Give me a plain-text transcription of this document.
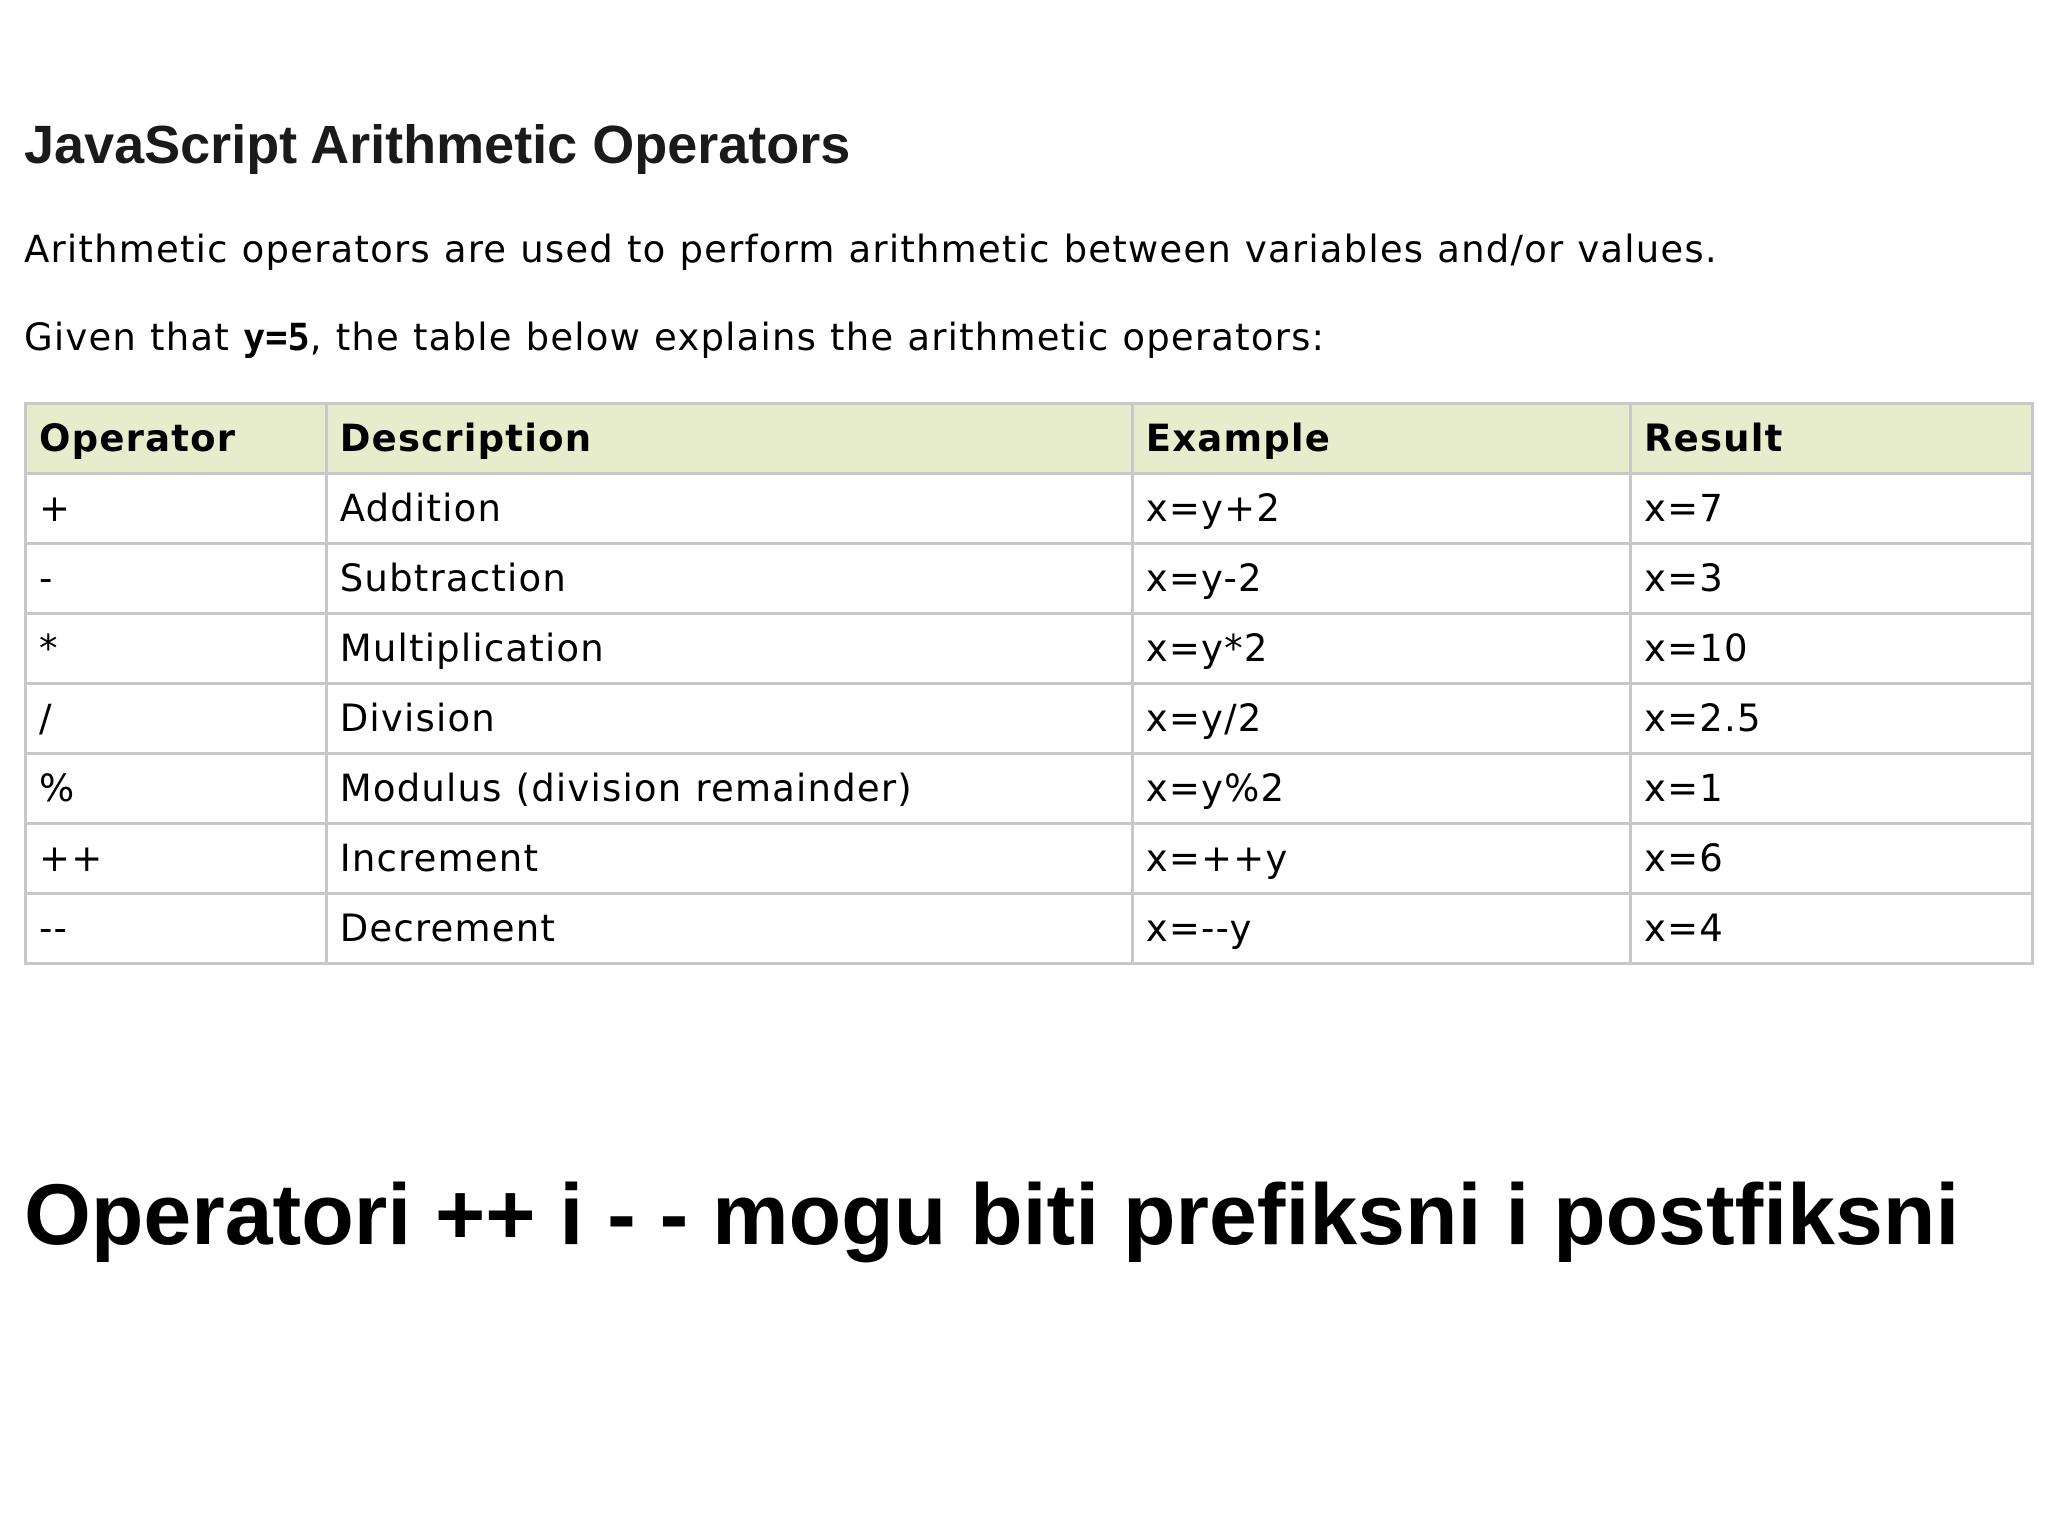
JavaScript Arithmetic Operators

Arithmetic operators are used to perform arithmetic between variables and/or values.

Given that y=5, the table below explains the arithmetic operators:

Operator	Description	Example	Result
+	Addition	x=y+2	x=7
-	Subtraction	x=y-2	x=3
*	Multiplication	x=y*2	x=10
/	Division	x=y/2	x=2.5
%	Modulus (division remainder)	x=y%2	x=1
++	Increment	x=++y	x=6
--	Decrement	x=--y	x=4

Operatori ++ i - - mogu biti prefiksni i postfiksni
